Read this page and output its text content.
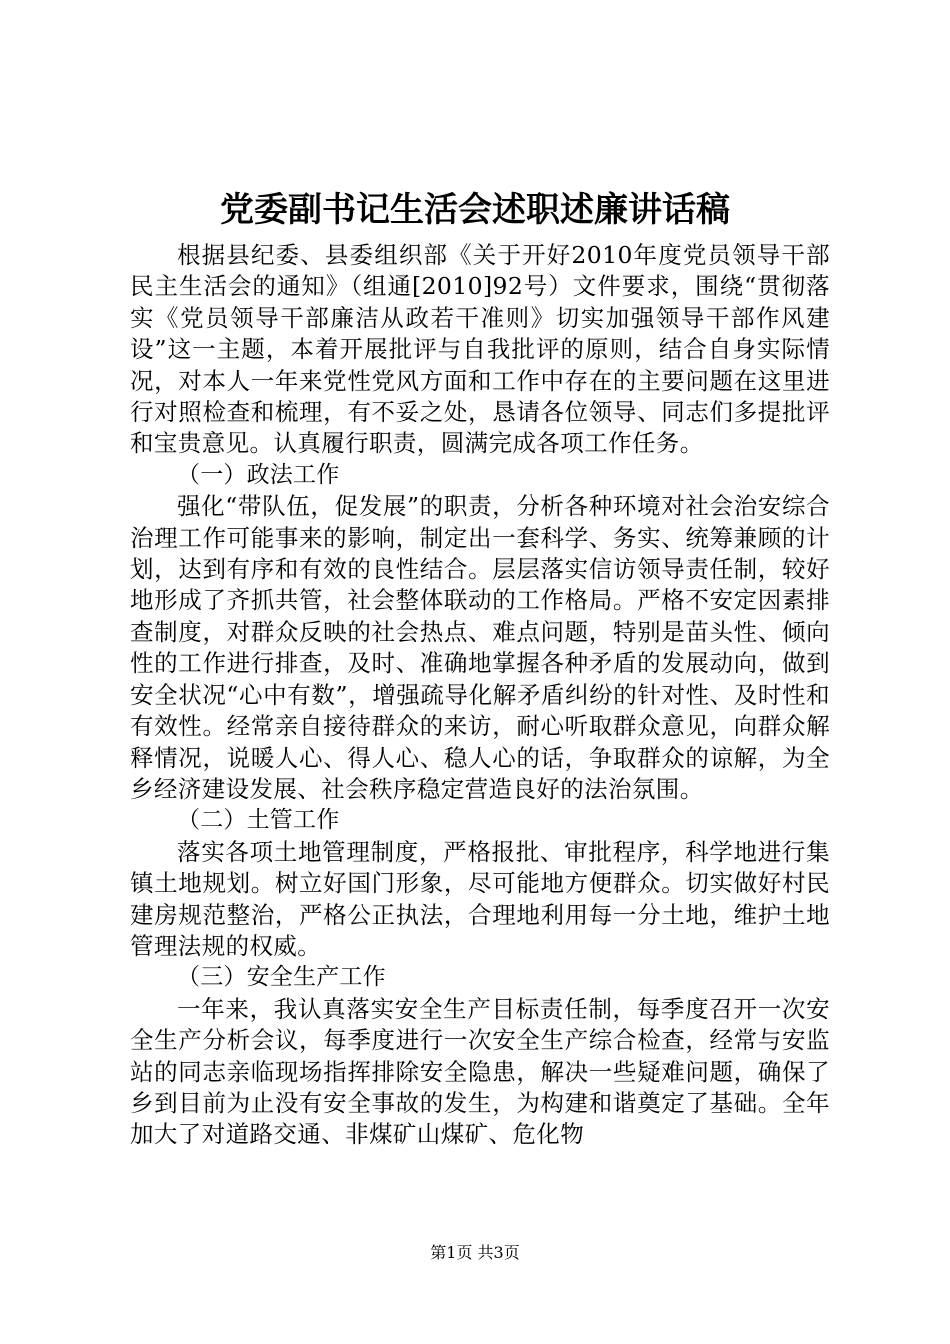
党委副书记生活会述职述廉讲话稿

根据县纪委、县委组织部《关于开好2010年度党员领导干部民主生活会的通知》（组通[2010]92号）文件要求，围绕“贯彻落实《党员领导干部廉洁从政若干准则》切实加强领导干部作风建设”这一主题，本着开展批评与自我批评的原则，结合自身实际情况，对本人一年来党性党风方面和工作中存在的主要问题在这里进行对照检查和梳理，有不妥之处，恳请各位领导、同志们多提批评和宝贵意见。认真履行职责，圆满完成各项工作任务。

（一）政法工作

强化“带队伍，促发展”的职责，分析各种环境对社会治安综合治理工作可能事来的影响，制定出一套科学、务实、统筹兼顾的计划，达到有序和有效的良性结合。层层落实信访领导责任制，较好地形成了齐抓共管，社会整体联动的工作格局。严格不安定因素排查制度，对群众反映的社会热点、难点问题，特别是苗头性、倾向性的工作进行排查，及时、准确地掌握各种矛盾的发展动向，做到安全状况“心中有数”，增强疏导化解矛盾纠纷的针对性、及时性和有效性。经常亲自接待群众的来访，耐心听取群众意见，向群众解释情况，说暖人心、得人心、稳人心的话，争取群众的谅解，为全乡经济建设发展、社会秩序稳定营造良好的法治氛围。

（二）土管工作

落实各项土地管理制度，严格报批、审批程序，科学地进行集镇土地规划。树立好国门形象，尽可能地方便群众。切实做好村民建房规范整治，严格公正执法，合理地利用每一分土地，维护土地管理法规的权威。

（三）安全生产工作

一年来，我认真落实安全生产目标责任制，每季度召开一次安全生产分析会议，每季度进行一次安全生产综合检查，经常与安监站的同志亲临现场指挥排除安全隐患，解决一些疑难问题，确保了乡到目前为止没有安全事故的发生，为构建和谐奠定了基础。全年加大了对道路交通、非煤矿山煤矿、危化物

第1页 共3页
